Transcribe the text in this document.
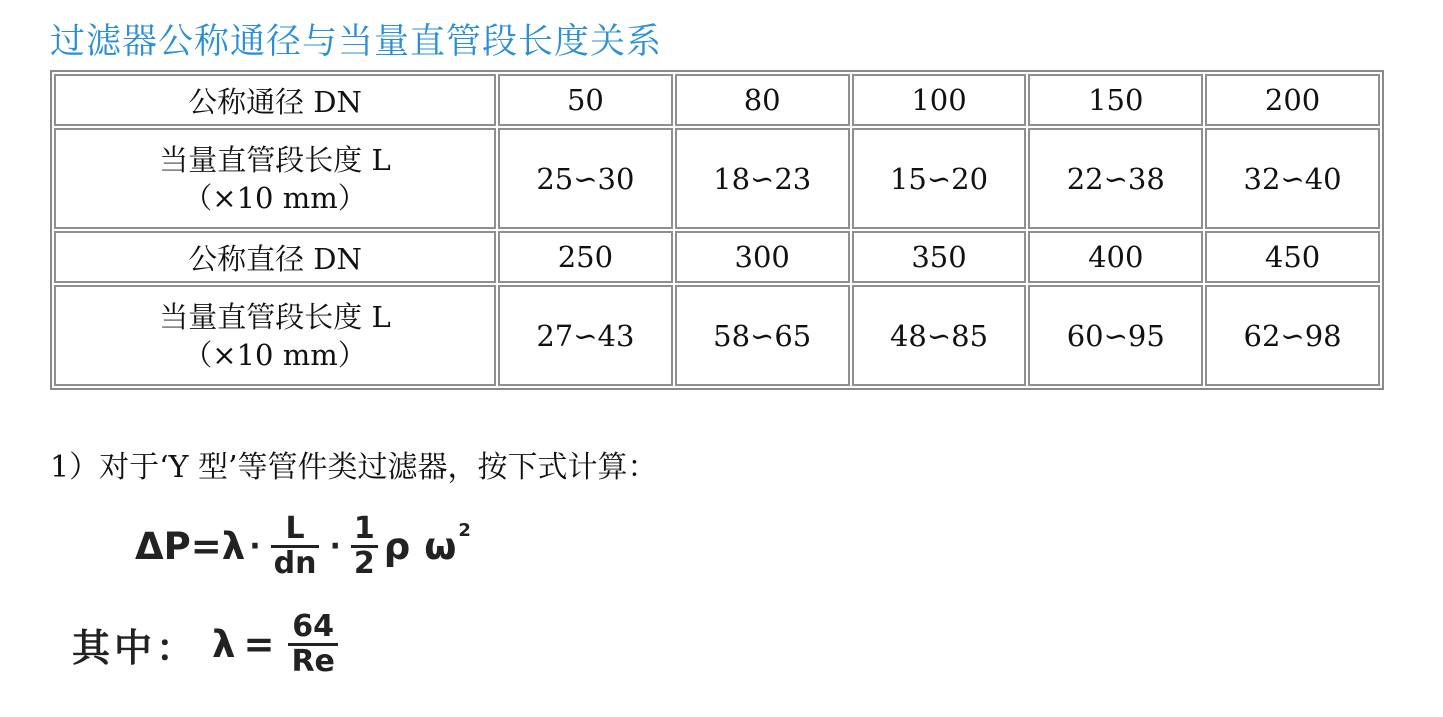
过滤器公称通径与当量直管段长度关系
公称通径 DN	50	80	100	150	200

当量直管段长度 L
（×10 mm）	25∽30	18∽23	15∽20	22∽38	32∽40
公称直径 DN	250	300	350	400	450

当量直管段长度 L
（×10 mm）	27∽43	58∽65	48∽85	60∽95	62∽98
1）对于‘Y 型’等管件类过滤器，按下式计算：
$\Delta P= \lambda \cdot \frac{L}{dn} \cdot \frac{1}{2}$ ρ ω 2
其中： $\lambda = \frac{64}{Re}$
